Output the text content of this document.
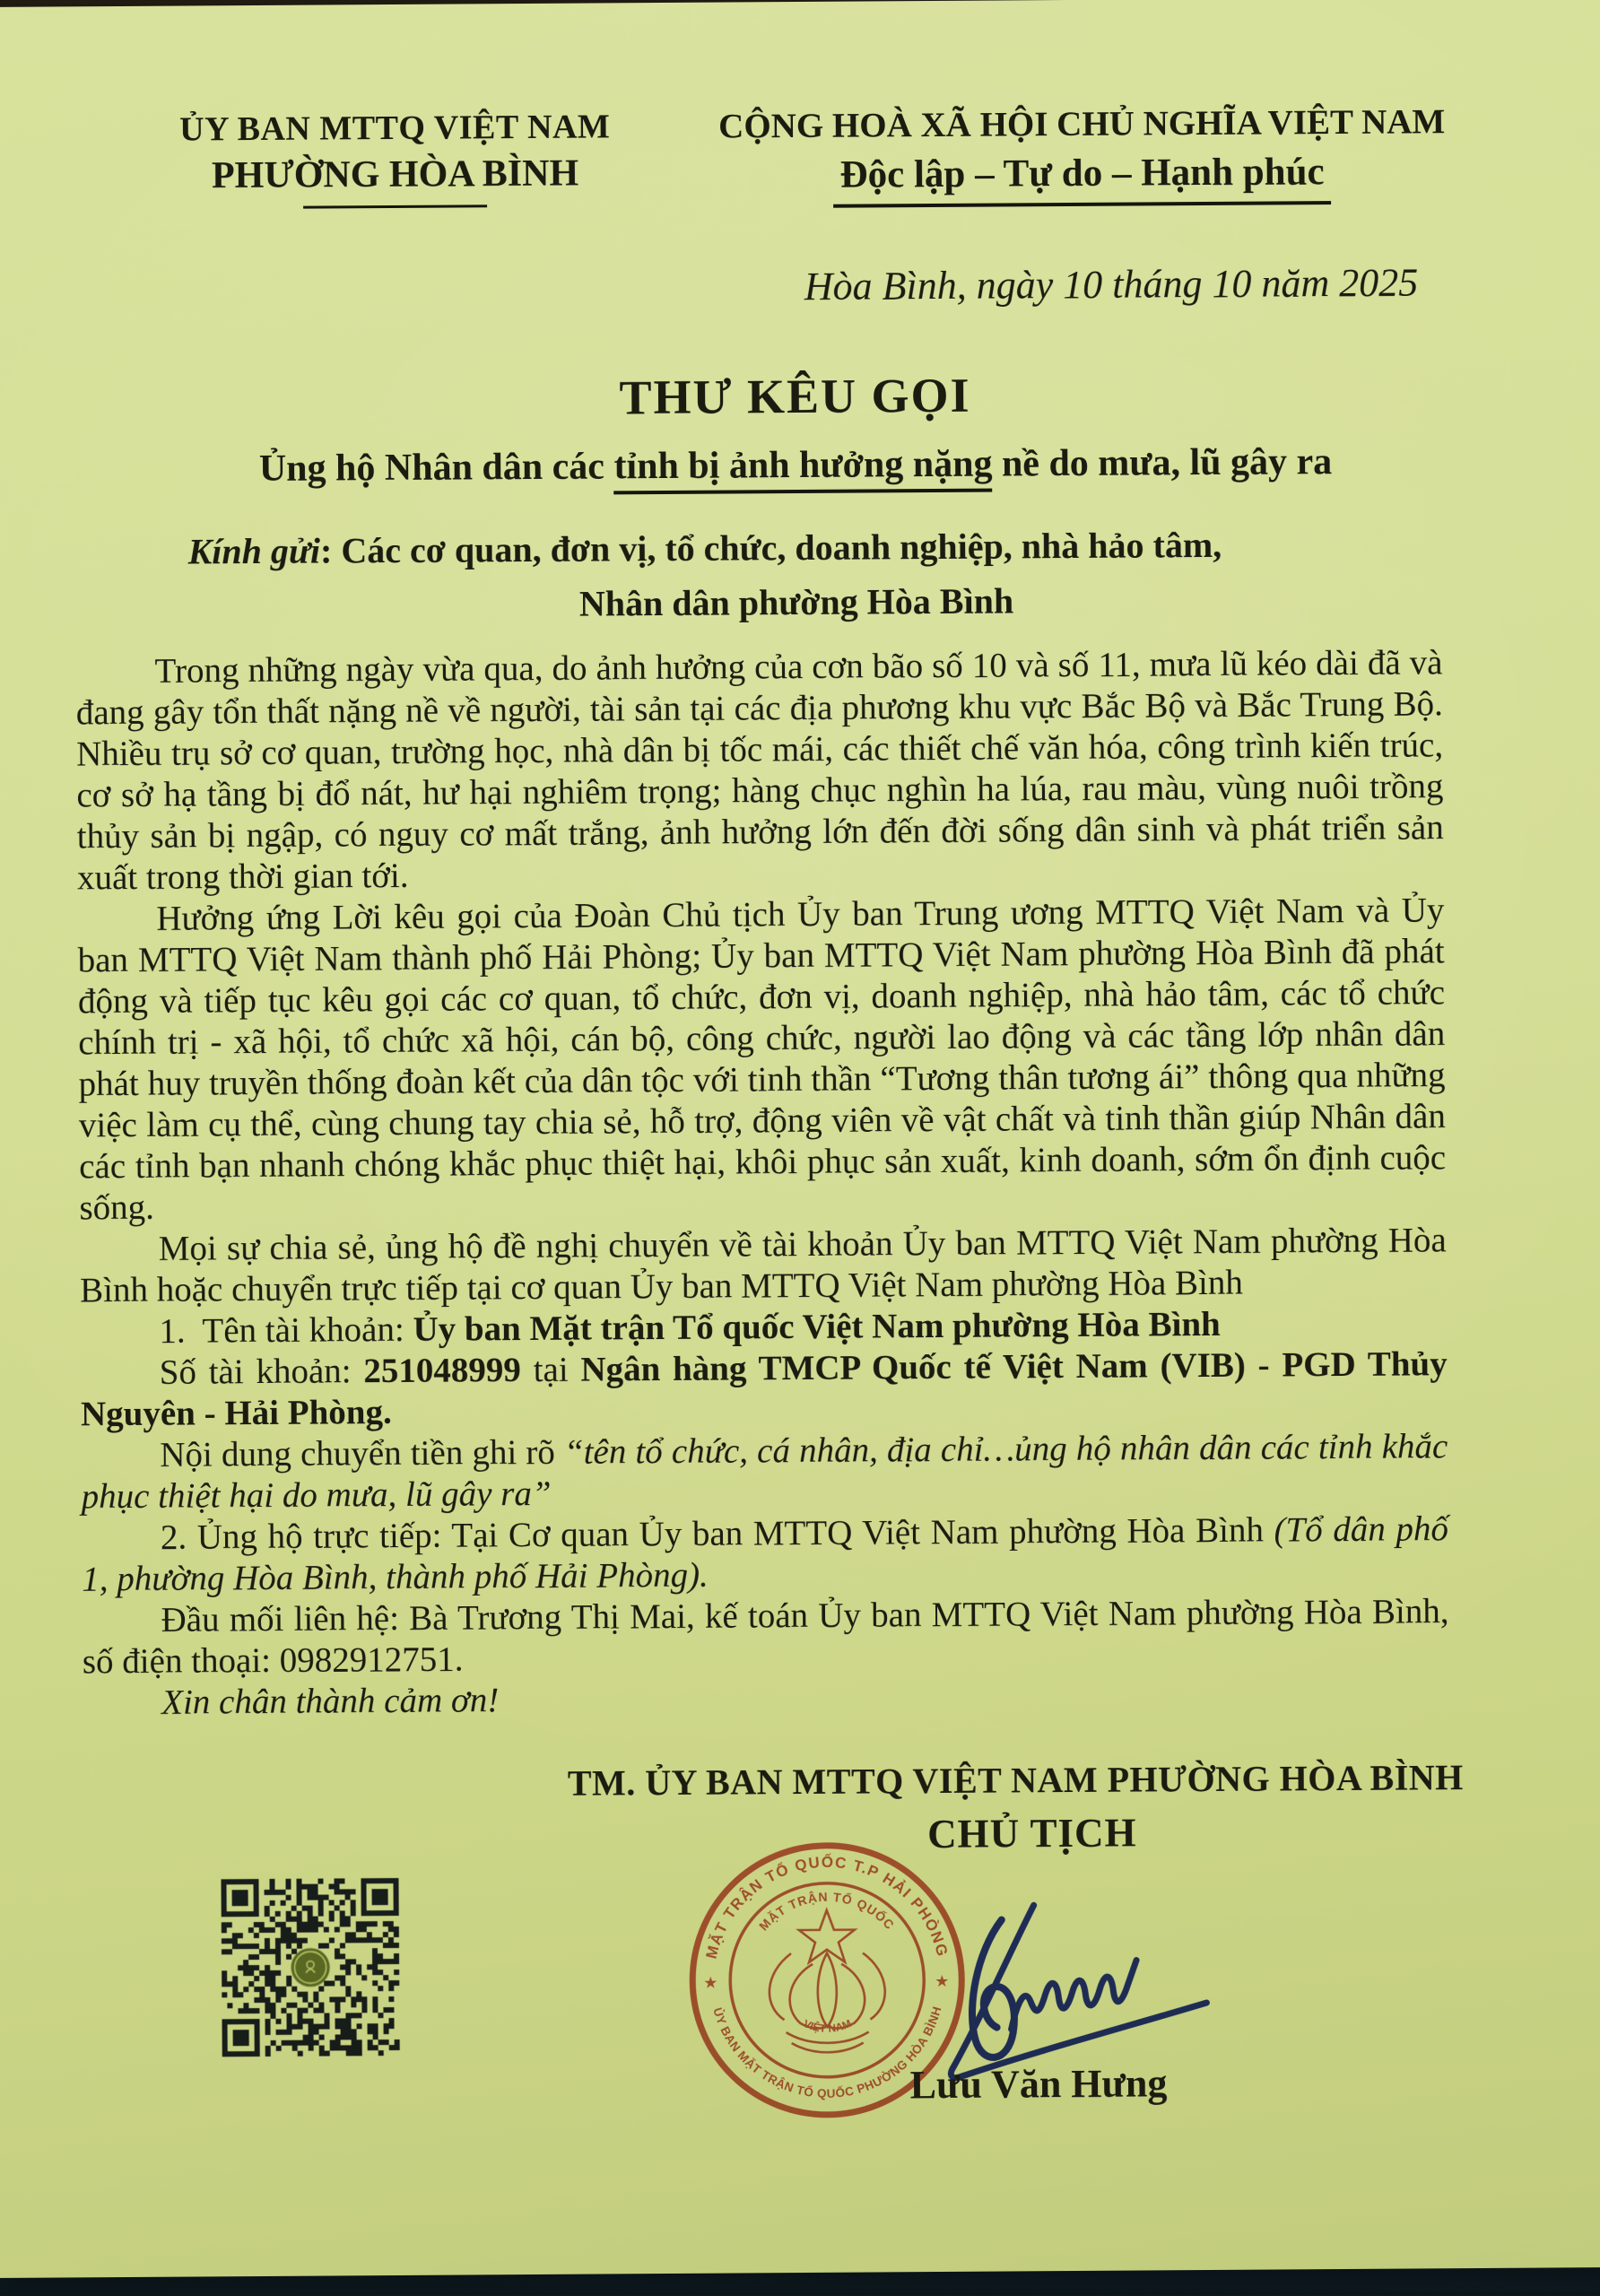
ỦY BAN MTTQ VIỆT NAM
PHƯỜNG HÒA BÌNH
CỘNG HOÀ XÃ HỘI CHỦ NGHĨA VIỆT NAM
Độc lập – Tự do – Hạnh phúc
Hòa Bình, ngày 10 tháng 10 năm 2025
THƯ KÊU GỌI
Ủng hộ Nhân dân các tỉnh bị ảnh hưởng nặng nề do mưa, lũ gây ra
Kính gửi: Các cơ quan, đơn vị, tổ chức, doanh nghiệp, nhà hảo tâm,
Nhân dân phường Hòa Bình

Trong những ngày vừa qua, do ảnh hưởng của cơn bão số 10 và số 11, mưa lũ kéo dài đã và đang gây tổn thất nặng nề về người, tài sản tại các địa phương khu vực Bắc Bộ và Bắc Trung Bộ. Nhiều trụ sở cơ quan, trường học, nhà dân bị tốc mái, các thiết chế văn hóa, công trình kiến trúc, cơ sở hạ tầng bị đổ nát, hư hại nghiêm trọng; hàng chục nghìn ha lúa, rau màu, vùng nuôi trồng thủy sản bị ngập, có nguy cơ mất trắng, ảnh hưởng lớn đến đời sống dân sinh và phát triển sản xuất trong thời gian tới.

Hưởng ứng Lời kêu gọi của Đoàn Chủ tịch Ủy ban Trung ương MTTQ Việt Nam và Ủy ban MTTQ Việt Nam thành phố Hải Phòng; Ủy ban MTTQ Việt Nam phường Hòa Bình đã phát động và tiếp tục kêu gọi các cơ quan, tổ chức, đơn vị, doanh nghiệp, nhà hảo tâm, các tổ chức chính trị - xã hội, tổ chức xã hội, cán bộ, công chức, người lao động và các tầng lớp nhân dân phát huy truyền thống đoàn kết của dân tộc với tinh thần “Tương thân tương ái” thông qua những việc làm cụ thể, cùng chung tay chia sẻ, hỗ trợ, động viên về vật chất và tinh thần giúp Nhân dân các tỉnh bạn nhanh chóng khắc phục thiệt hại, khôi phục sản xuất, kinh doanh, sớm ổn định cuộc sống.

Mọi sự chia sẻ, ủng hộ đề nghị chuyển về tài khoản Ủy ban MTTQ Việt Nam phường Hòa Bình hoặc chuyển trực tiếp tại cơ quan Ủy ban MTTQ Việt Nam phường Hòa Bình

1.  Tên tài khoản: Ủy ban Mặt trận Tổ quốc Việt Nam phường Hòa Bình

Số tài khoản: 251048999 tại Ngân hàng TMCP Quốc tế Việt Nam (VIB) - PGD Thủy Nguyên - Hải Phòng.

Nội dung chuyển tiền ghi rõ “tên tổ chức, cá nhân, địa chỉ…ủng hộ nhân dân các tỉnh khắc phục thiệt hại do mưa, lũ gây ra”

2. Ủng hộ trực tiếp: Tại Cơ quan Ủy ban MTTQ Việt Nam phường Hòa Bình (Tổ dân phố 1, phường Hòa Bình, thành phố Hải Phòng).

Đầu mối liên hệ: Bà Trương Thị Mai, kế toán Ủy ban MTTQ Việt Nam phường Hòa Bình, số điện thoại: 0982912751.

Xin chân thành cảm ơn!

TM. ỦY BAN MTTQ VIỆT NAM PHƯỜNG HÒA BÌNH
CHỦ TỊCH
MẶT TRẬN TỔ QUỐC T.P HẢI PHÒNG
ỦY BAN MẶT TRẬN TỔ QUỐC PHƯỜNG HÒA BÌNH
MẶT TRẬN TỔ QUỐC
VIỆT NAM
★	★
Lưu Văn Hưng
